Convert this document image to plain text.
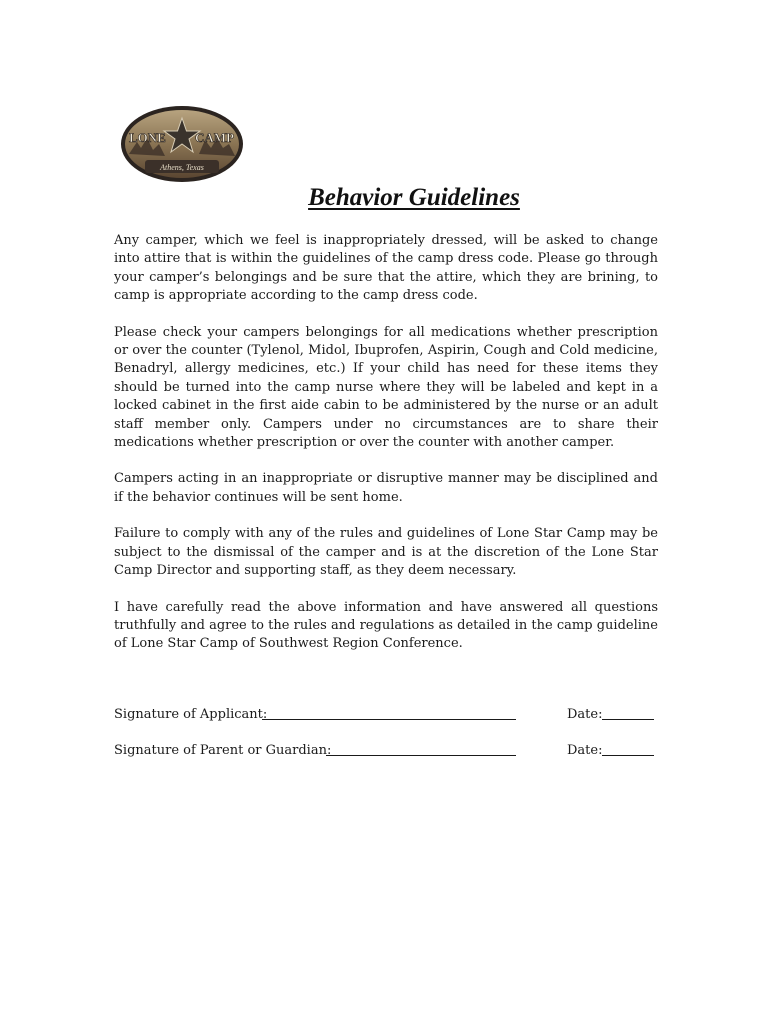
LONE CAMP
Athens, Texas
Behavior Guidelines

Any camper, which we feel is inappropriately dressed, will be asked to change into attire that is within the guidelines of the camp dress code. Please go through your camper’s belongings and be sure that the attire, which they are brining, to camp is appropriate according to the camp dress code.

Please check your campers belongings for all medications whether prescription or over the counter (Tylenol, Midol, Ibuprofen, Aspirin, Cough and Cold medicine, Benadryl, allergy medicines, etc.) If your child has need for these items they should be turned into the camp nurse where they will be labeled and kept in a locked cabinet in the first aide cabin to be administered by the nurse or an adult staff member only. Campers under no circumstances are to share their medications whether prescription or over the counter with another camper.

Campers acting in an inappropriate or disruptive manner may be disciplined and if the behavior continues will be sent home.

Failure to comply with any of the rules and guidelines of Lone Star Camp may be subject to the dismissal of the camper and is at the discretion of the Lone Star Camp Director and supporting staff, as they deem necessary.

I have carefully read the above information and have answered all questions truthfully and agree to the rules and regulations as detailed in the camp guideline of Lone Star Camp of Southwest Region Conference.

Signature of Applicant:	Date:
Signature of Parent or Guardian:	Date:
